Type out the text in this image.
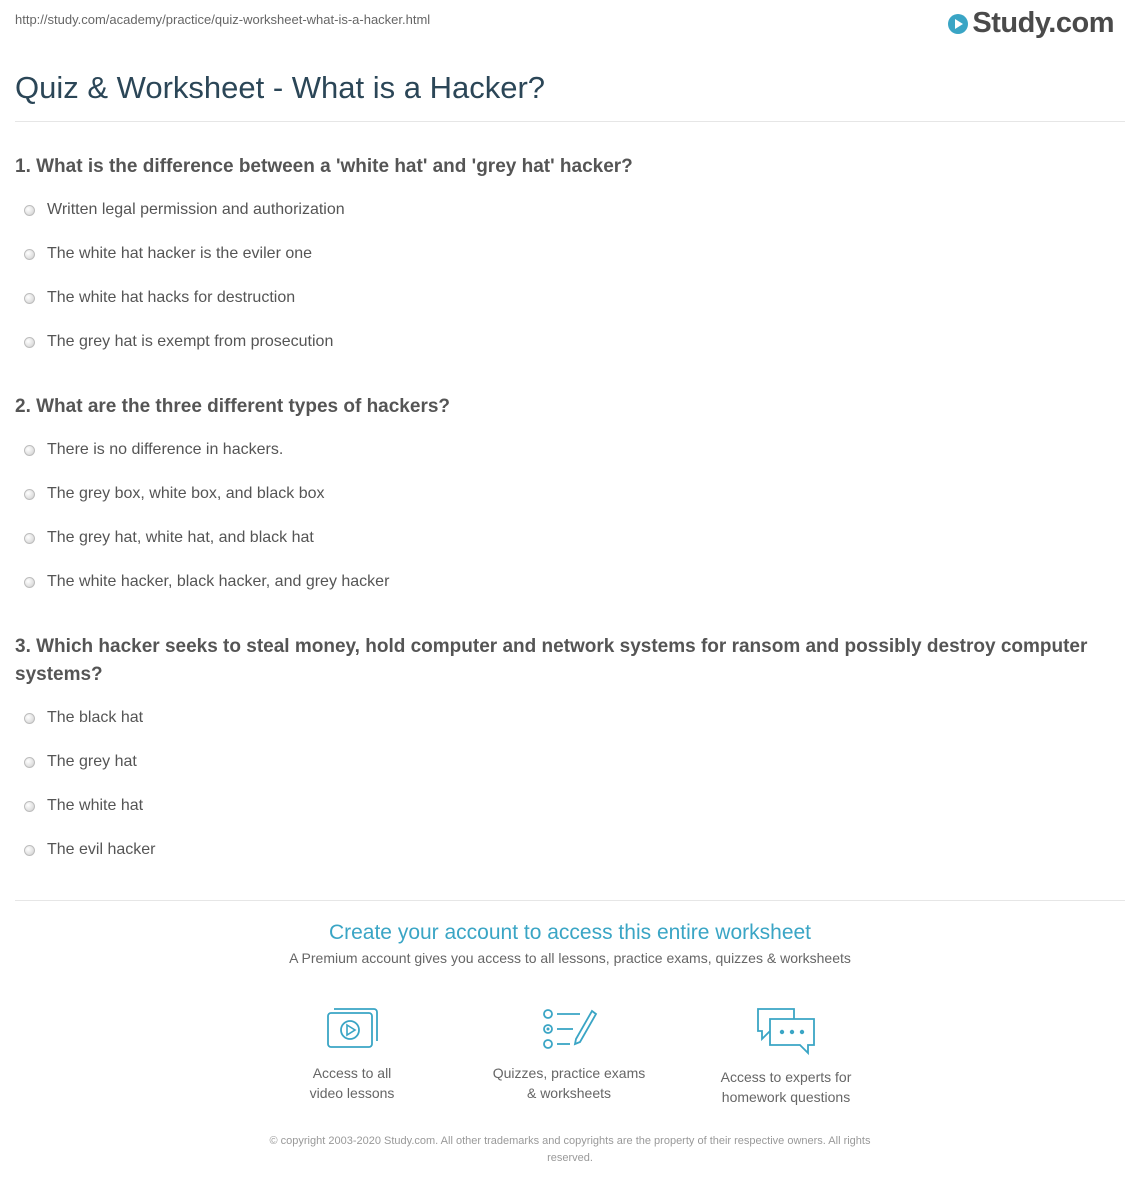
http://study.com/academy/practice/quiz-worksheet-what-is-a-hacker.html	Study.com
Quiz & Worksheet - What is a Hacker?

1. What is the difference between a 'white hat' and 'grey hat' hacker?

Written legal permission and authorization
The white hat hacker is the eviler one
The white hat hacks for destruction
The grey hat is exempt from prosecution

2. What are the three different types of hackers?

There is no difference in hackers.
The grey box, white box, and black box
The grey hat, white hat, and black hat
The white hacker, black hacker, and grey hacker

3. Which hacker seeks to steal money, hold computer and network systems for ransom and possibly destroy computer systems?

The black hat
The grey hat
The white hat
The evil hacker

Create your account to access this entire worksheet

A Premium account gives you access to all lessons, practice exams, quizzes & worksheets
Access to all
video lessons
Quizzes, practice exams
& worksheets
Access to experts for
homework questions
© copyright 2003-2020 Study.com. All other trademarks and copyrights are the property of their respective owners. All rights
reserved.
